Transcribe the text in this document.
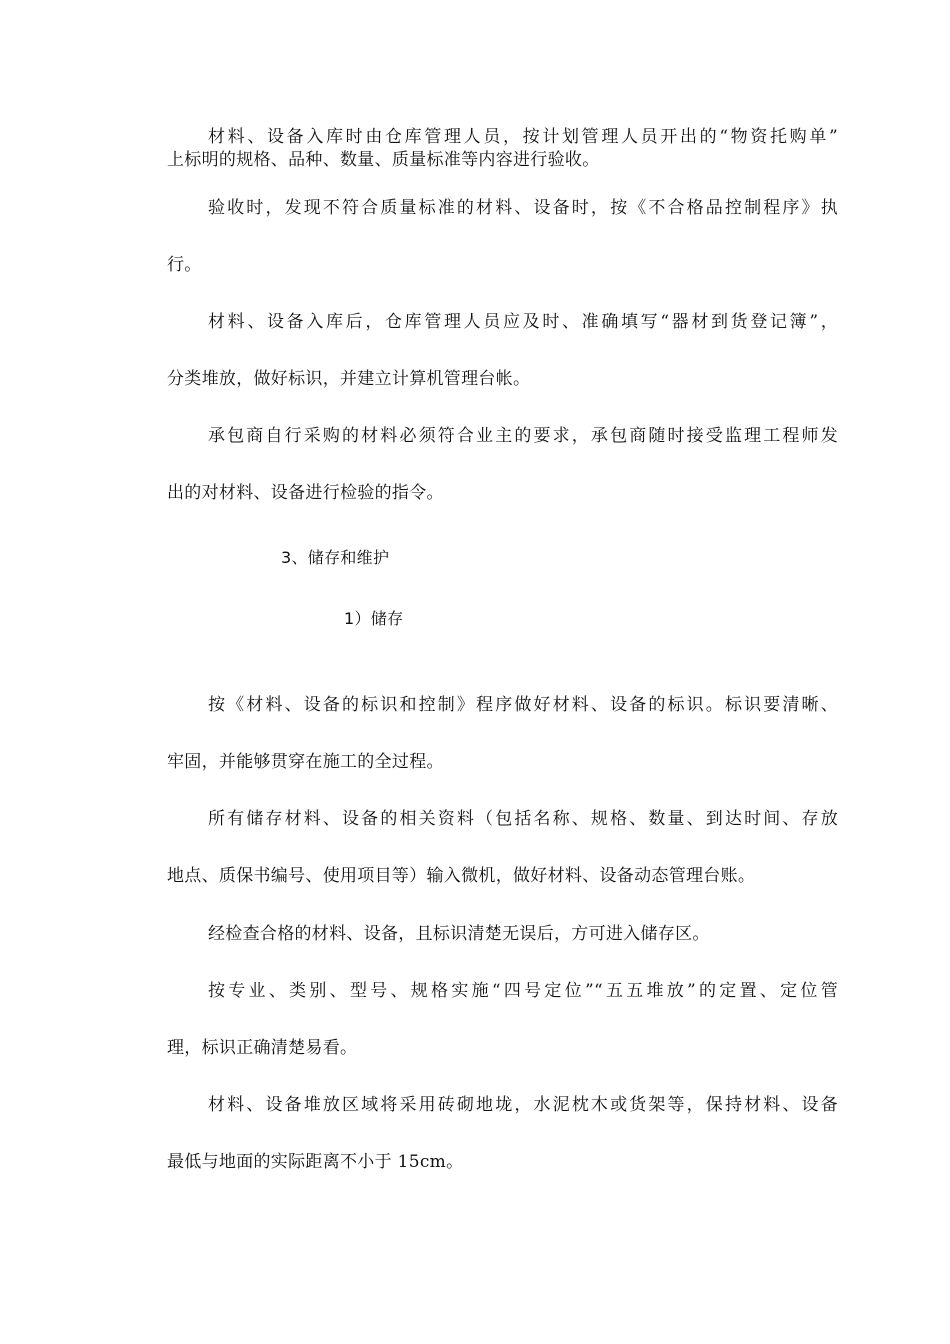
材料、设备入库时由仓库管理人员，按计划管理人员开出的“物资托购单”
上标明的规格、品种、数量、质量标准等内容进行验收。
验收时，发现不符合质量标准的材料、设备时，按《不合格品控制程序》执
行。
材料、设备入库后，仓库管理人员应及时、准确填写“器材到货登记簿”，
分类堆放，做好标识，并建立计算机管理台帐。
承包商自行采购的材料必须符合业主的要求，承包商随时接受监理工程师发
出的对材料、设备进行检验的指令。
3、储存和维护
1）储存
按《材料、设备的标识和控制》程序做好材料、设备的标识。标识要清晰、
牢固，并能够贯穿在施工的全过程。
所有储存材料、设备的相关资料（包括名称、规格、数量、到达时间、存放
地点、质保书编号、使用项目等）输入微机，做好材料、设备动态管理台账。
经检查合格的材料、设备，且标识清楚无误后，方可进入储存区。
按专业、类别、型号、规格实施“四号定位”“五五堆放”的定置、定位管
理，标识正确清楚易看。
材料、设备堆放区域将采用砖砌地垅，水泥枕木或货架等，保持材料、设备
最低与地面的实际距离不小于 15cm。
